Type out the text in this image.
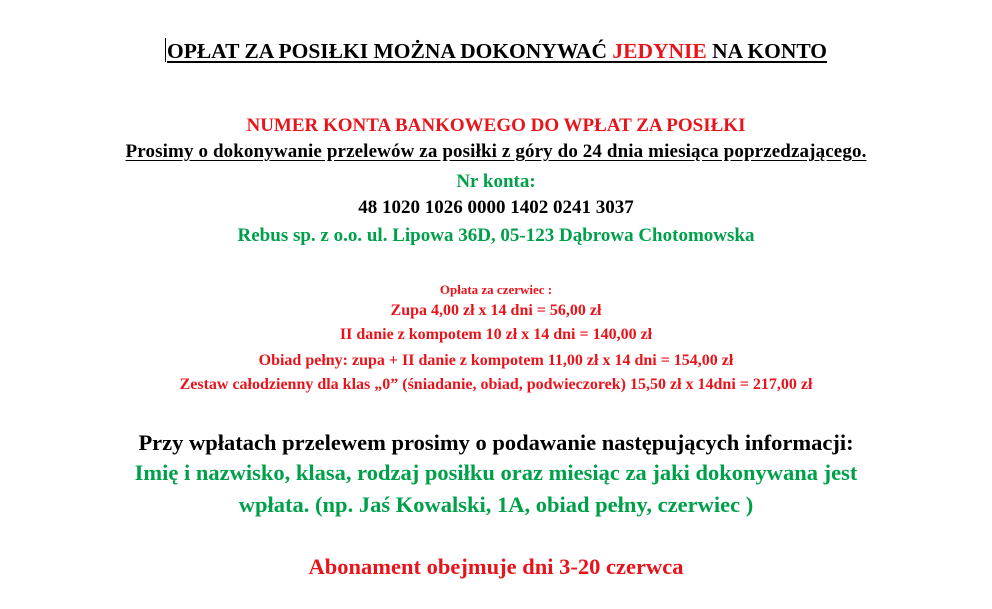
OPŁAT ZA POSIŁKI MOŻNA DOKONYWAĆ JEDYNIE NA KONTO
NUMER KONTA BANKOWEGO DO WPŁAT ZA POSIŁKI
Prosimy o dokonywanie przelewów za posiłki z góry do 24 dnia miesiąca poprzedzającego.
Nr konta:
48 1020 1026 0000 1402 0241 3037
Rebus sp. z o.o. ul. Lipowa 36D, 05-123 Dąbrowa Chotomowska
Opłata za czerwiec :
Zupa 4,00 zł x 14 dni = 56,00 zł
II danie z kompotem 10 zł x 14 dni = 140,00 zł
Obiad pełny: zupa + II danie z kompotem 11,00 zł x 14 dni = 154,00 zł
Zestaw całodzienny dla klas „0” (śniadanie, obiad, podwieczorek) 15,50 zł x 14dni = 217,00 zł
Przy wpłatach przelewem prosimy o podawanie następujących informacji:
Imię i nazwisko, klasa, rodzaj posiłku oraz miesiąc za jaki dokonywana jest
wpłata. (np. Jaś Kowalski, 1A, obiad pełny, czerwiec )
Abonament obejmuje dni 3-20 czerwca
